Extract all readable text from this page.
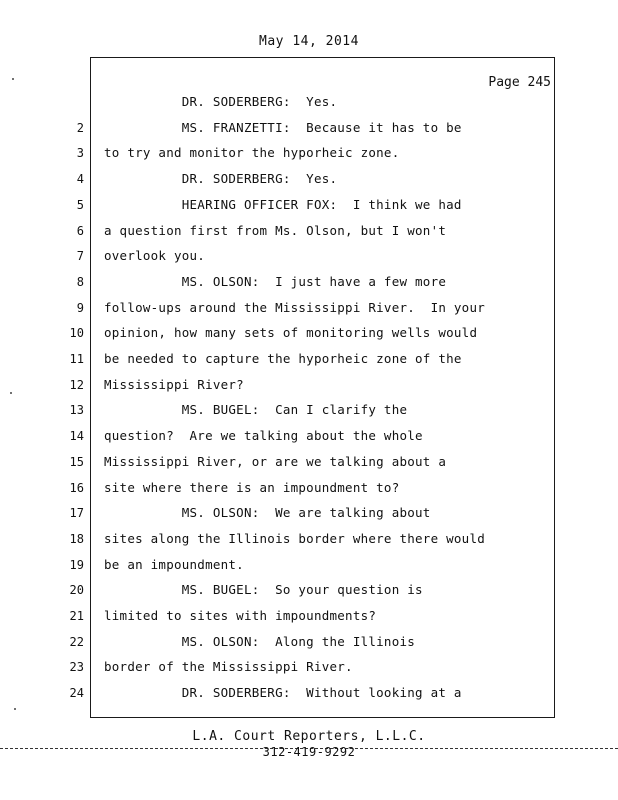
May 14, 2014
Page 245
DR. SODERBERG:  Yes.
2 MS. FRANZETTI:  Because it has to be
3 to try and monitor the hyporheic zone.
4 DR. SODERBERG:  Yes.
5 HEARING OFFICER FOX:  I think we had
6 a question first from Ms. Olson, but I won't
7 overlook you.
8 MS. OLSON:  I just have a few more
9 follow-ups around the Mississippi River.  In your
10 opinion, how many sets of monitoring wells would
11 be needed to capture the hyporheic zone of the
12 Mississippi River?
13 MS. BUGEL:  Can I clarify the
14 question?  Are we talking about the whole
15 Mississippi River, or are we talking about a
16 site where there is an impoundment to?
17 MS. OLSON:  We are talking about
18 sites along the Illinois border where there would
19 be an impoundment.
20 MS. BUGEL:  So your question is
21 limited to sites with impoundments?
22 MS. OLSON:  Along the Illinois
23 border of the Mississippi River.
24 DR. SODERBERG:  Without looking at a
L.A. Court Reporters, L.L.C.
312-419-9292
